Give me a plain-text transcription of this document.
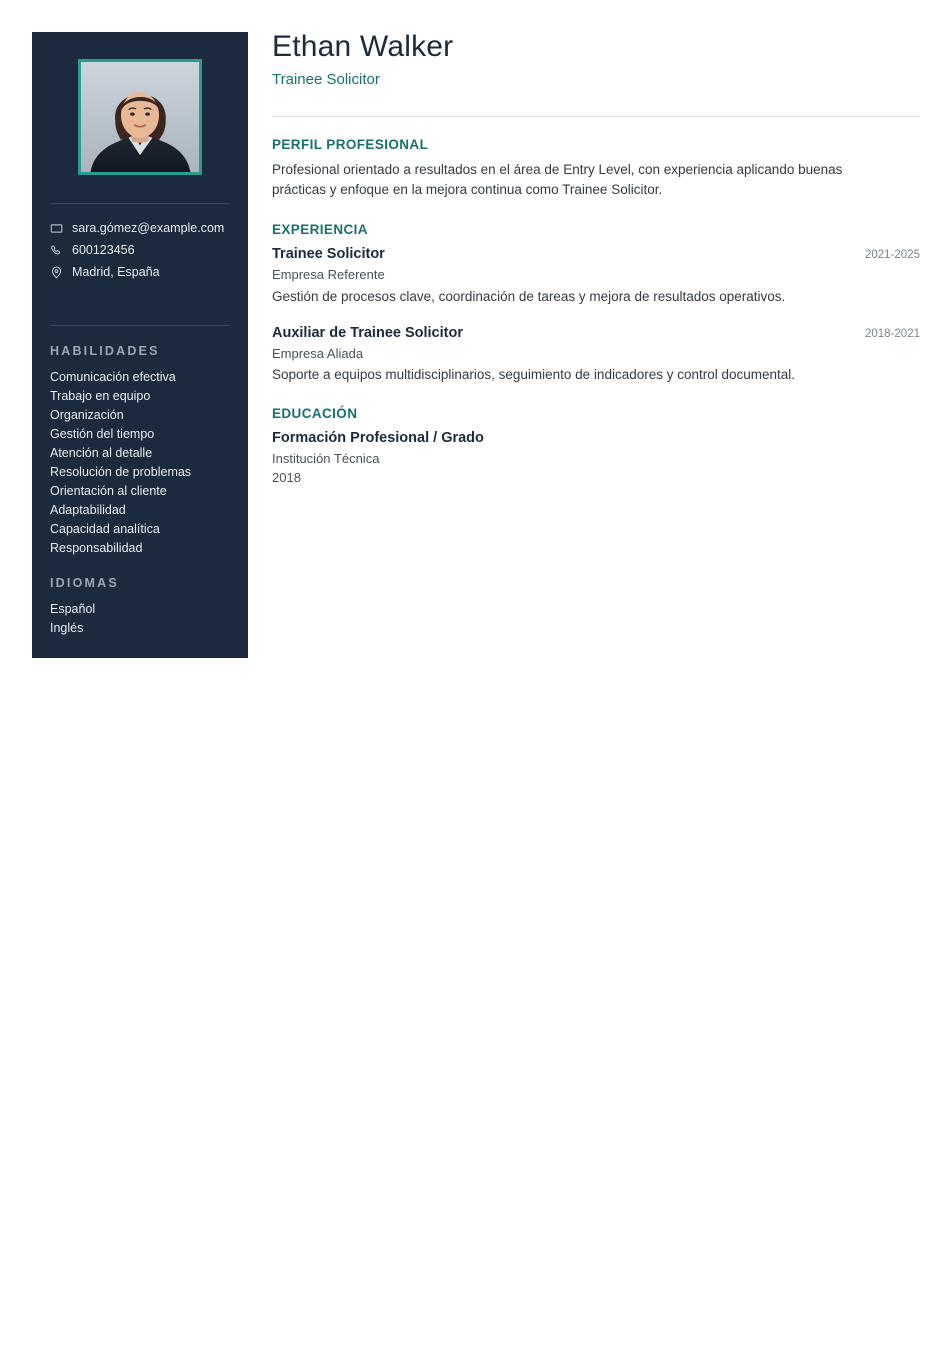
sara.gómez@example.com
600123456
Madrid, España
HABILIDADES
Comunicación efectiva
Trabajo en equipo
Organización
Gestión del tiempo
Atención al detalle
Resolución de problemas
Orientación al cliente
Adaptabilidad
Capacidad analítica
Responsabilidad
IDIOMAS
Español
Inglés
Ethan Walker
Trainee Solicitor
PERFIL PROFESIONAL

Profesional orientado a resultados en el área de Entry Level, con experiencia aplicando buenas prácticas y enfoque en la mejora continua como Trainee Solicitor.

EXPERIENCIA
Trainee Solicitor	2021-2025
Empresa Referente
Gestión de procesos clave, coordinación de tareas y mejora de resultados operativos.
Auxiliar de Trainee Solicitor	2018-2021
Empresa Aliada
Soporte a equipos multidisciplinarios, seguimiento de indicadores y control documental.
EDUCACIÓN
Formación Profesional / Grado
Institución Técnica
2018
